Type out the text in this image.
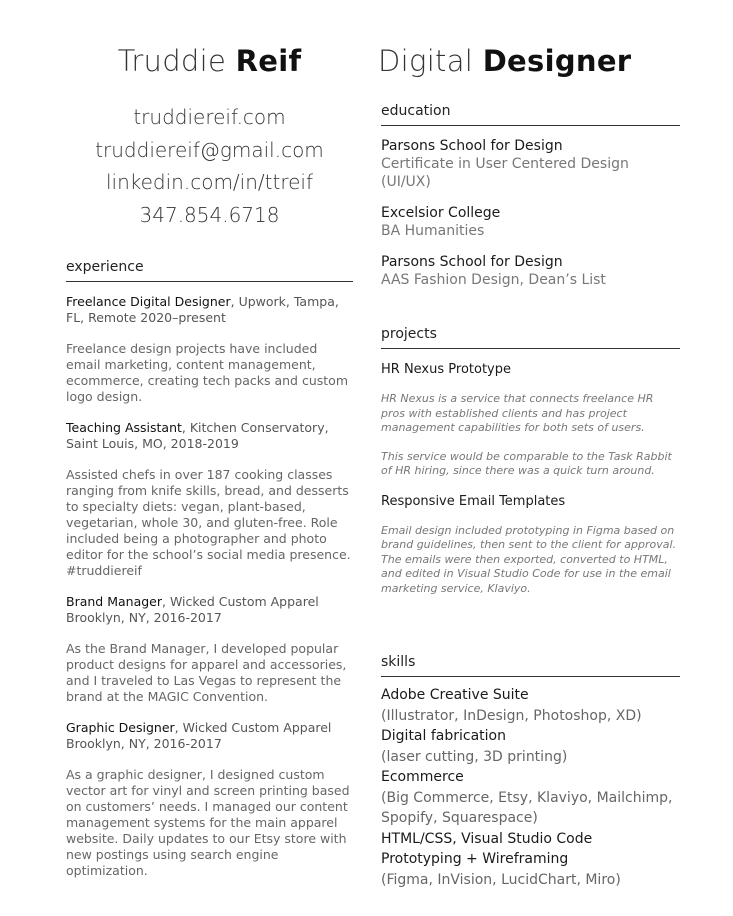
Truddie Reif	Digital Designer
truddiereif.com
truddiereif@gmail.com
linkedin.com/in/ttreif
347.854.6718
experience
Freelance Digital Designer, Upwork, Tampa, FL, Remote 2020–present
Freelance design projects have included email marketing, content management, ecommerce, creating tech packs and custom logo design.
Teaching Assistant, Kitchen Conservatory, Saint Louis, MO, 2018-2019
Assisted chefs in over 187 cooking classes ranging from knife skills, bread, and desserts to specialty diets: vegan, plant-based, vegetarian, whole 30, and gluten-free. Role included being a photographer and photo editor for the school’s social media presence. #truddiereif
Brand Manager, Wicked Custom Apparel Brooklyn, NY, 2016-2017
As the Brand Manager, I developed popular product designs for apparel and accessories, and I traveled to Las Vegas to represent the brand at the MAGIC Convention.
Graphic Designer, Wicked Custom Apparel Brooklyn, NY, 2016-2017
As a graphic designer, I designed custom vector art for vinyl and screen printing based on customers’ needs. I managed our content management systems for the main apparel website. Daily updates to our Etsy store with new postings using search engine optimization.
education
Parsons School for Design
Certificate in User Centered Design (UI/UX)
Excelsior College
BA Humanities
Parsons School for Design
AAS Fashion Design, Dean’s List
projects
HR Nexus Prototype
HR Nexus is a service that connects freelance HR pros with established clients and has project management capabilities for both sets of users.
This service would be comparable to the Task Rabbit of HR hiring, since there was a quick turn around.
Responsive Email Templates
Email design included prototyping in Figma based on brand guidelines, then sent to the client for approval. The emails were then exported, converted to HTML, and edited in Visual Studio Code for use in the email marketing service, Klaviyo.
skills
Adobe Creative Suite
(Illustrator, InDesign, Photoshop, XD)
Digital fabrication
(laser cutting, 3D printing)
Ecommerce
(Big Commerce, Etsy, Klaviyo, Mailchimp, Spopify, Squarespace)
HTML/CSS, Visual Studio Code
Prototyping + Wireframing
(Figma, InVision, LucidChart, Miro)
